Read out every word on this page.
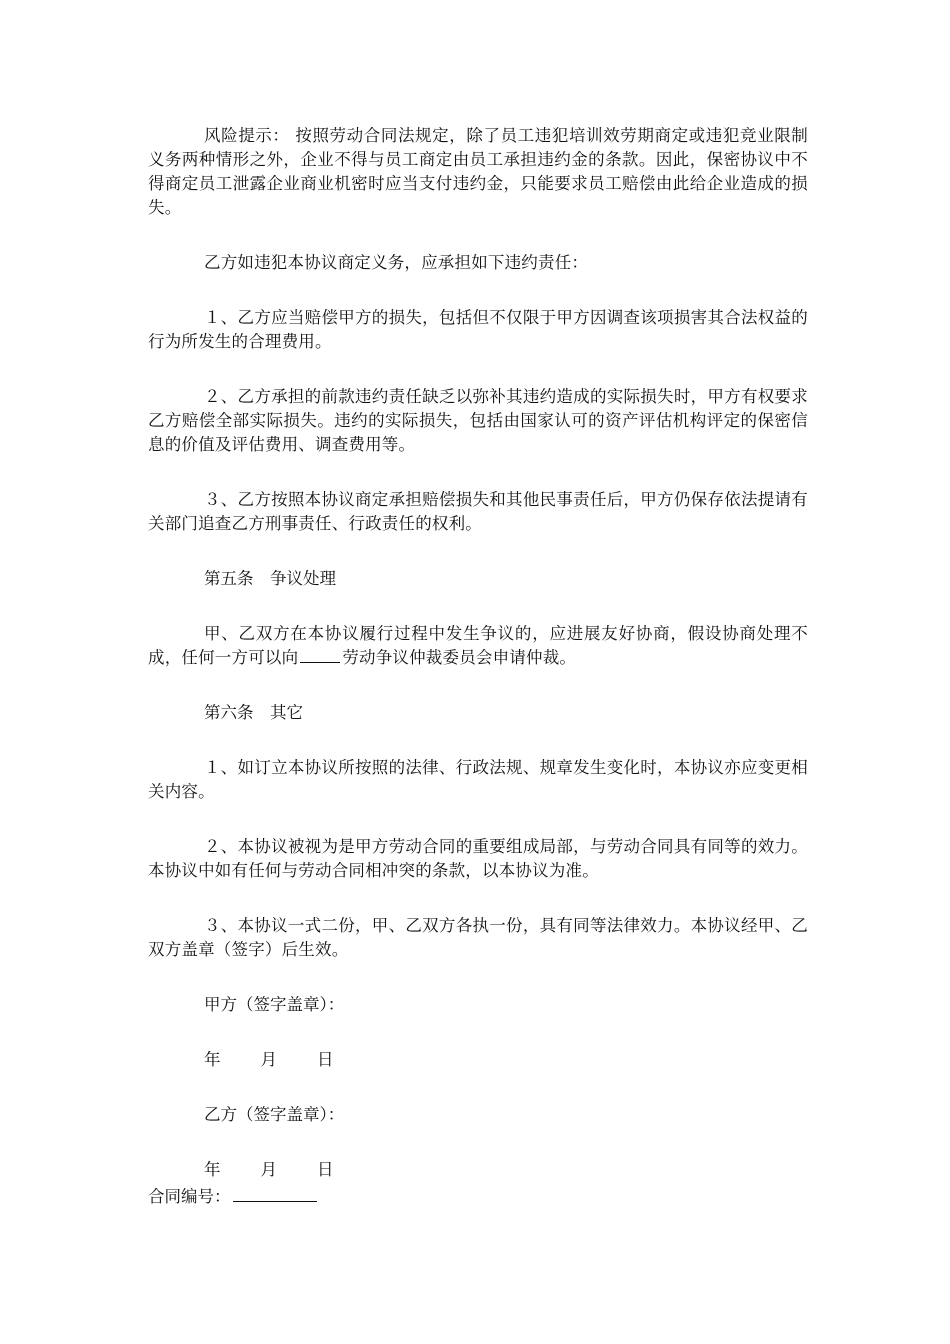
风险提示： 按照劳动合同法规定，除了员工违犯培训效劳期商定或违犯竞业限制义务两种情形之外，企业不得与员工商定由员工承担违约金的条款。因此，保密协议中不得商定员工泄露企业商业机密时应当支付违约金，只能要求员工赔偿由此给企业造成的损失。

乙方如违犯本协议商定义务，应承担如下违约责任：

１、乙方应当赔偿甲方的损失，包括但不仅限于甲方因调查该项损害其合法权益的行为所发生的合理费用。

２、乙方承担的前款违约责任缺乏以弥补其违约造成的实际损失时，甲方有权要求乙方赔偿全部实际损失。违约的实际损失，包括由国家认可的资产评估机构评定的保密信息的价值及评估费用、调查费用等。

３、乙方按照本协议商定承担赔偿损失和其他民事责任后，甲方仍保存依法提请有关部门追查乙方刑事责任、行政责任的权利。

第五条　争议处理

甲、乙双方在本协议履行过程中发生争议的，应进展友好协商，假设协商处理不成，任何一方可以向	劳动争议仲裁委员会申请仲裁。

第六条　其它

１、如订立本协议所按照的法律、行政法规、规章发生变化时，本协议亦应变更相关内容。

２、本协议被视为是甲方劳动合同的重要组成局部，与劳动合同具有同等的效力。本协议中如有任何与劳动合同相冲突的条款，以本协议为准。

３、本协议一式二份，甲、乙双方各执一份，具有同等法律效力。本协议经甲、乙双方盖章（签字）后生效。

甲方（签字盖章）：

年 月 日

乙方（签字盖章）：

年 月 日
合同编号：
